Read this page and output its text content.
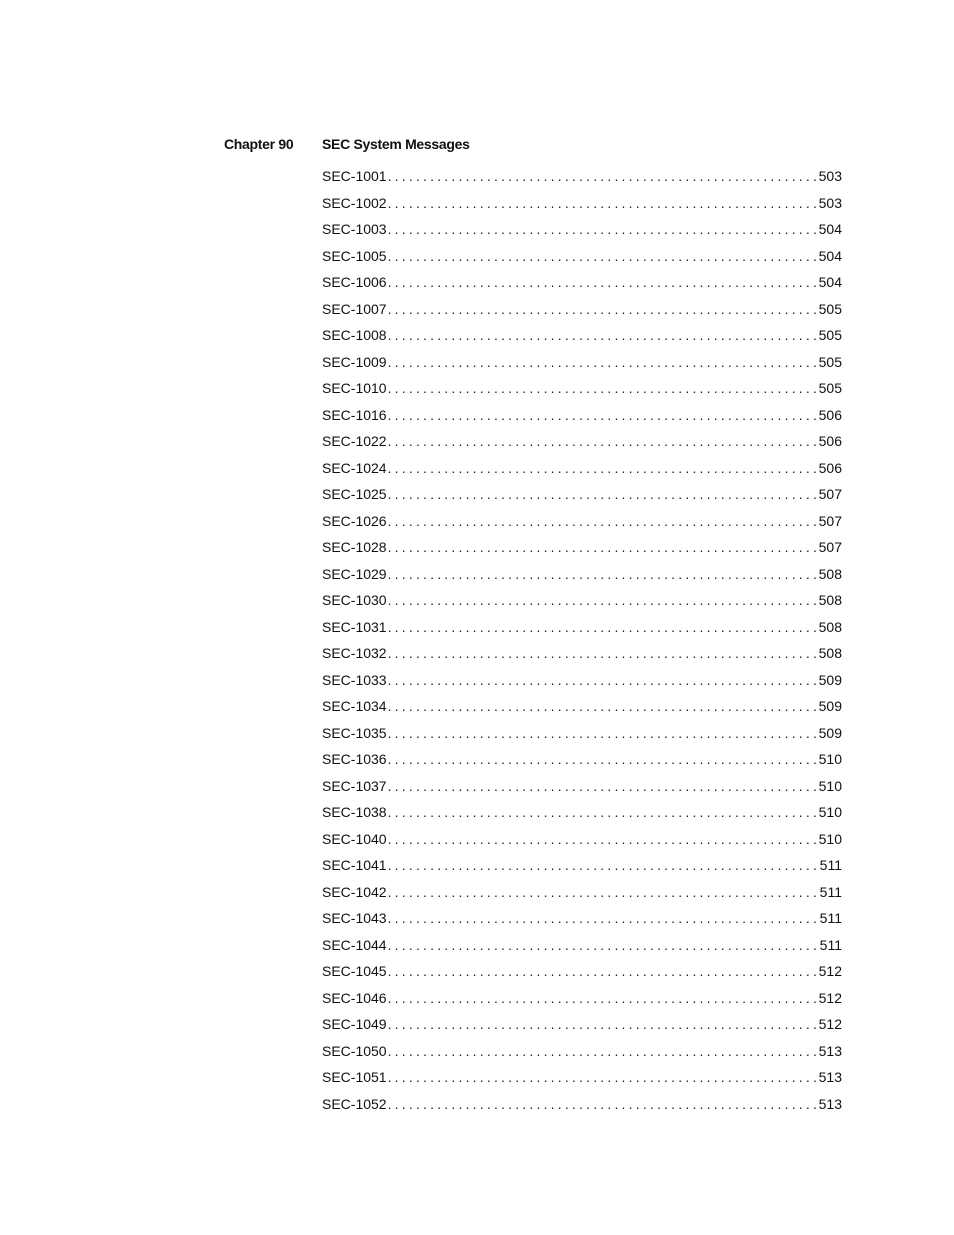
Chapter 90 SEC System Messages
SEC-1001 .....	503
SEC-1002 .....	503
SEC-1003 .....	504
SEC-1005 .....	504
SEC-1006 .....	504
SEC-1007 .....	505
SEC-1008 .....	505
SEC-1009 .....	505
SEC-1010 .....	505
SEC-1016 .....	506
SEC-1022 .....	506
SEC-1024 .....	506
SEC-1025 .....	507
SEC-1026 .....	507
SEC-1028 .....	507
SEC-1029 .....	508
SEC-1030 .....	508
SEC-1031 .....	508
SEC-1032 .....	508
SEC-1033 .....	509
SEC-1034 .....	509
SEC-1035 .....	509
SEC-1036 .....	510
SEC-1037 .....	510
SEC-1038 .....	510
SEC-1040 .....	510
SEC-1041 .....	511
SEC-1042 .....	511
SEC-1043 .....	511
SEC-1044 .....	511
SEC-1045 .....	512
SEC-1046 .....	512
SEC-1049 .....	512
SEC-1050 .....	513
SEC-1051 .....	513
SEC-1052 .....	513
